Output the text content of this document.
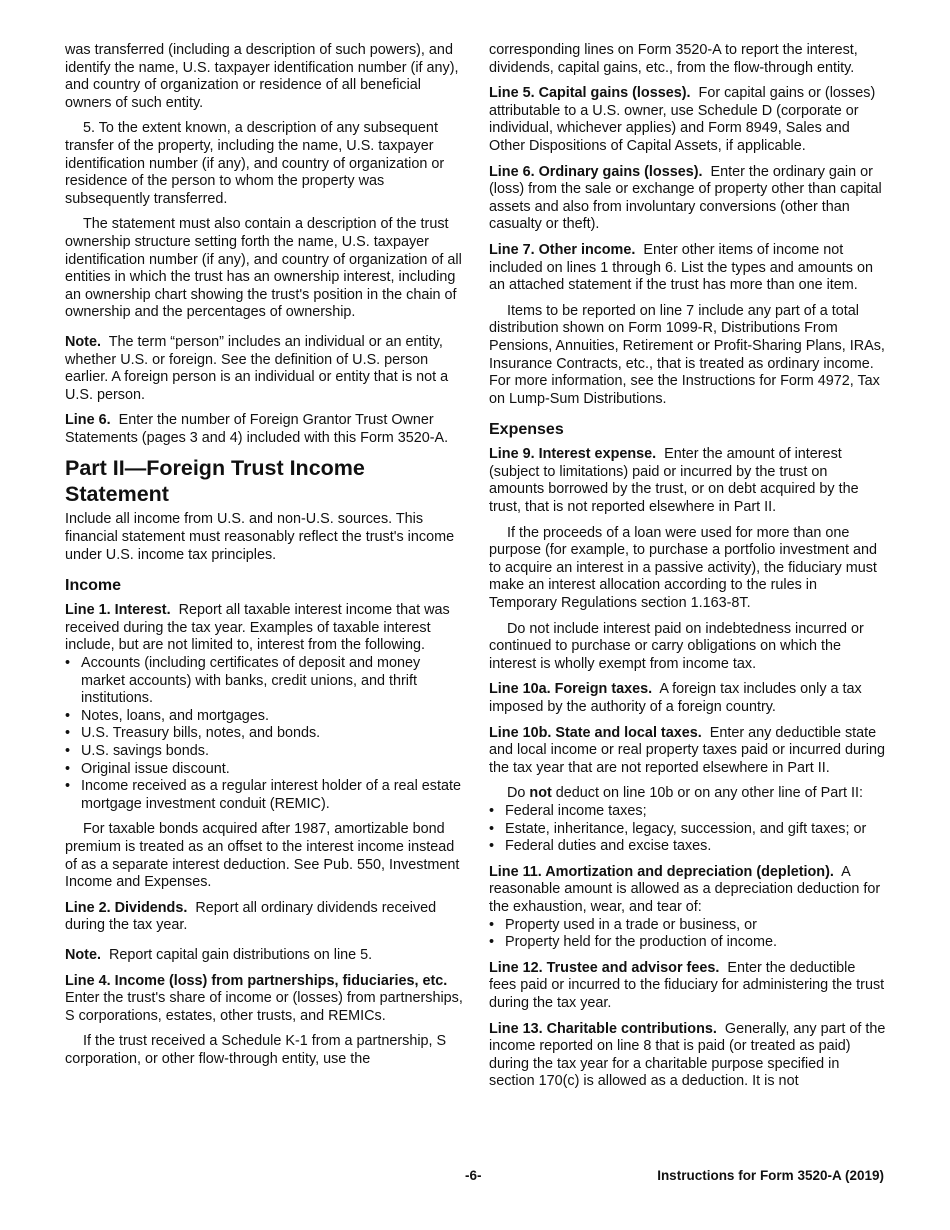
was transferred (including a description of such powers), and identify the name, U.S. taxpayer identification number (if any), and country of organization or residence of all beneficial owners of such entity.

5. To the extent known, a description of any subsequent transfer of the property, including the name, U.S. taxpayer identification number (if any), and country of organization or residence of the person to whom the property was subsequently transferred.

The statement must also contain a description of the trust ownership structure setting forth the name, U.S. taxpayer identification number (if any), and country of organization of all entities in which the trust has an ownership interest, including an ownership chart showing the trust's position in the chain of ownership and the percentages of ownership.

Note. The term “person” includes an individual or an entity, whether U.S. or foreign. See the definition of U.S. person earlier. A foreign person is an individual or entity that is not a U.S. person.

Line 6. Enter the number of Foreign Grantor Trust Owner Statements (pages 3 and 4) included with this Form 3520-A.

Part II—Foreign Trust Income Statement

Include all income from U.S. and non-U.S. sources. This financial statement must reasonably reflect the trust's income under U.S. income tax principles.

Income

Line 1. Interest. Report all taxable interest income that was received during the tax year. Examples of taxable interest include, but are not limited to, interest from the following.

• Accounts (including certificates of deposit and money market accounts) with banks, credit unions, and thrift institutions.
• Notes, loans, and mortgages.
• U.S. Treasury bills, notes, and bonds.
• U.S. savings bonds.
• Original issue discount.
• Income received as a regular interest holder of a real estate mortgage investment conduit (REMIC).

For taxable bonds acquired after 1987, amortizable bond premium is treated as an offset to the interest income instead of as a separate interest deduction. See Pub. 550, Investment Income and Expenses.

Line 2. Dividends. Report all ordinary dividends received during the tax year.

Note. Report capital gain distributions on line 5.

Line 4. Income (loss) from partnerships, fiduciaries, etc.  Enter the trust's share of income or (losses) from partnerships, S corporations, estates, other trusts, and REMICs.

If the trust received a Schedule K-1 from a partnership, S corporation, or other flow-through entity, use the

corresponding lines on Form 3520-A to report the interest, dividends, capital gains, etc., from the flow-through entity.

Line 5. Capital gains (losses). For capital gains or (losses) attributable to a U.S. owner, use Schedule D (corporate or individual, whichever applies) and Form 8949, Sales and Other Dispositions of Capital Assets, if applicable.

Line 6. Ordinary gains (losses). Enter the ordinary gain or (loss) from the sale or exchange of property other than capital assets and also from involuntary conversions (other than casualty or theft).

Line 7. Other income. Enter other items of income not included on lines 1 through 6. List the types and amounts on an attached statement if the trust has more than one item.

Items to be reported on line 7 include any part of a total distribution shown on Form 1099-R, Distributions From Pensions, Annuities, Retirement or Profit-Sharing Plans, IRAs, Insurance Contracts, etc., that is treated as ordinary income. For more information, see the Instructions for Form 4972, Tax on Lump-Sum Distributions.

Expenses

Line 9. Interest expense. Enter the amount of interest (subject to limitations) paid or incurred by the trust on amounts borrowed by the trust, or on debt acquired by the trust, that is not reported elsewhere in Part II.

If the proceeds of a loan were used for more than one purpose (for example, to purchase a portfolio investment and to acquire an interest in a passive activity), the fiduciary must make an interest allocation according to the rules in Temporary Regulations section 1.163-8T.

Do not include interest paid on indebtedness incurred or continued to purchase or carry obligations on which the interest is wholly exempt from income tax.

Line 10a. Foreign taxes. A foreign tax includes only a tax imposed by the authority of a foreign country.

Line 10b. State and local taxes. Enter any deductible state and local income or real property taxes paid or incurred during the tax year that are not reported elsewhere in Part II.

Do not deduct on line 10b or on any other line of Part II:

• Federal income taxes;
• Estate, inheritance, legacy, succession, and gift taxes; or
• Federal duties and excise taxes.

Line 11. Amortization and depreciation (depletion). A reasonable amount is allowed as a depreciation deduction for the exhaustion, wear, and tear of:

• Property used in a trade or business, or
• Property held for the production of income.

Line 12. Trustee and advisor fees. Enter the deductible fees paid or incurred to the fiduciary for administering the trust during the tax year.

Line 13. Charitable contributions. Generally, any part of the income reported on line 8 that is paid (or treated as paid) during the tax year for a charitable purpose specified in section 170(c) is allowed as a deduction. It is not

-6-	Instructions for Form 3520-A (2019)
